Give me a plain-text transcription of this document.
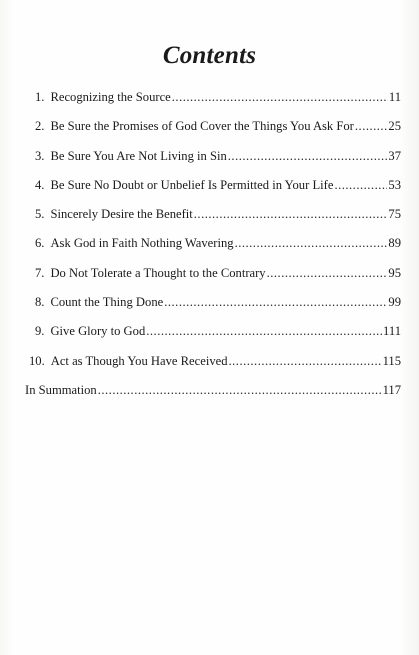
Contents
1. Recognizing the Source .....	11
2. Be Sure the Promises of God Cover the Things You Ask For .....	25
3. Be Sure You Are Not Living in Sin .....	37
4. Be Sure No Doubt or Unbelief Is Permitted in Your Life .....	53
5. Sincerely Desire the Benefit .....	75
6. Ask God in Faith Nothing Wavering .....	89
7. Do Not Tolerate a Thought to the Contrary .....	95
8. Count the Thing Done .....	99
9. Give Glory to God .....	111
10. Act as Though You Have Received .....	115
In Summation .....	117
